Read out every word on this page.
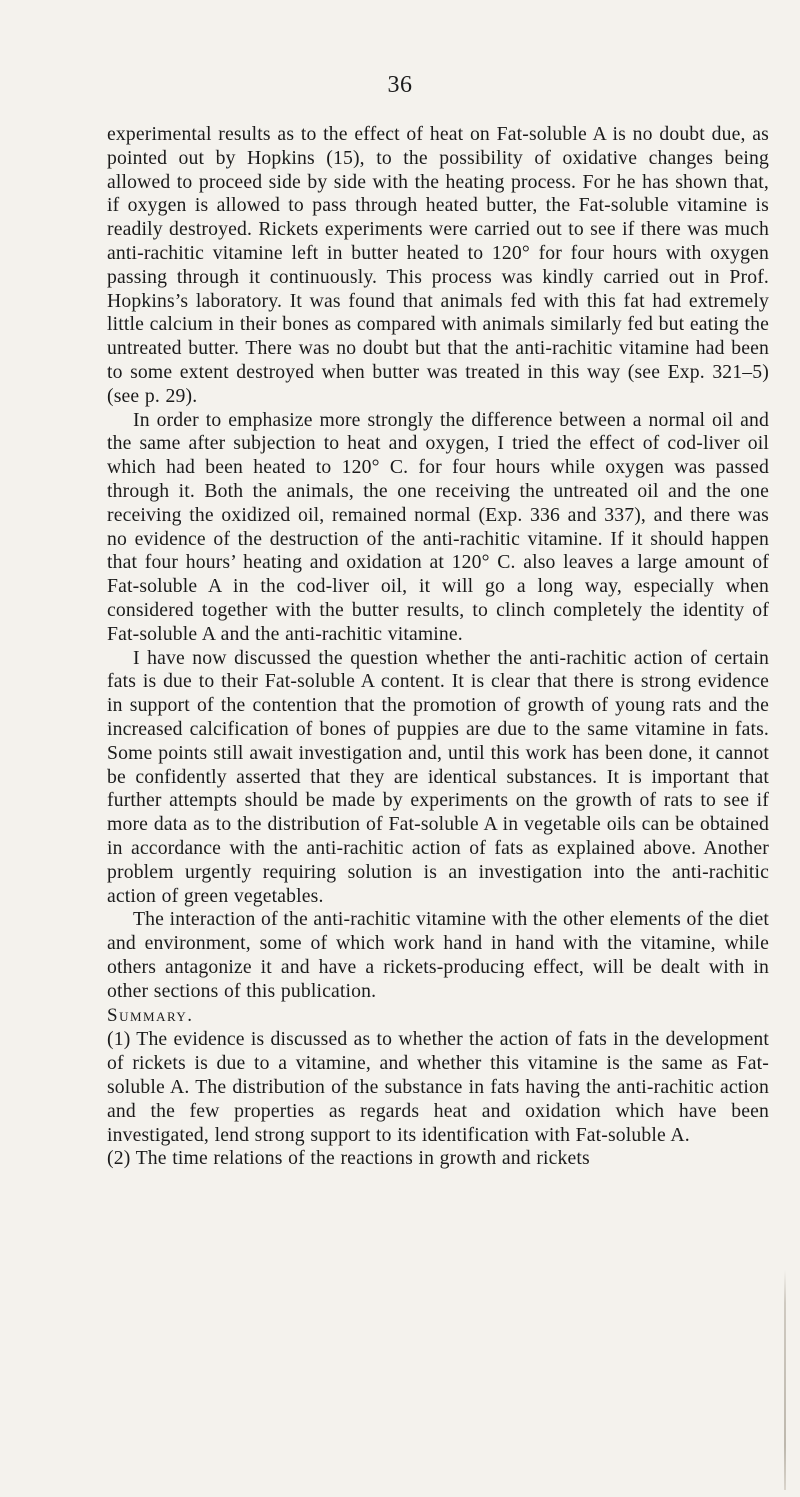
36

experimental results as to the effect of heat on Fat-soluble A is no doubt due, as pointed out by Hopkins (15), to the possibility of oxidative changes being allowed to proceed side by side with the heating process. For he has shown that, if oxygen is allowed to pass through heated butter, the Fat-soluble vitamine is readily destroyed. Rickets experiments were carried out to see if there was much anti-rachitic vitamine left in butter heated to 120° for four hours with oxygen passing through it continuously. This process was kindly carried out in Prof. Hopkins’s laboratory. It was found that animals fed with this fat had extremely little calcium in their bones as compared with animals similarly fed but eating the untreated butter. There was no doubt but that the anti-rachitic vitamine had been to some extent destroyed when butter was treated in this way (see Exp. 321–5) (see p. 29).

In order to emphasize more strongly the difference between a normal oil and the same after subjection to heat and oxygen, I tried the effect of cod-liver oil which had been heated to 120° C. for four hours while oxygen was passed through it. Both the animals, the one receiving the untreated oil and the one receiving the oxidized oil, remained normal (Exp. 336 and 337), and there was no evidence of the destruction of the anti-rachitic vitamine. If it should happen that four hours’ heating and oxidation at 120° C. also leaves a large amount of Fat-soluble A in the cod-liver oil, it will go a long way, especially when considered together with the butter results, to clinch completely the identity of Fat-soluble A and the anti-rachitic vitamine.

I have now discussed the question whether the anti-rachitic action of certain fats is due to their Fat-soluble A content. It is clear that there is strong evidence in support of the contention that the promotion of growth of young rats and the increased calcification of bones of puppies are due to the same vitamine in fats. Some points still await investigation and, until this work has been done, it cannot be confidently asserted that they are identical substances. It is important that further attempts should be made by experiments on the growth of rats to see if more data as to the distribution of Fat-soluble A in vegetable oils can be obtained in accordance with the anti-rachitic action of fats as explained above. Another problem urgently requiring solution is an investigation into the anti-rachitic action of green vegetables.

The interaction of the anti-rachitic vitamine with the other elements of the diet and environment, some of which work hand in hand with the vitamine, while others antagonize it and have a rickets-producing effect, will be dealt with in other sections of this publication.

Summary.

(1) The evidence is discussed as to whether the action of fats in the development of rickets is due to a vitamine, and whether this vitamine is the same as Fat-soluble A. The distribution of the substance in fats having the anti-rachitic action and the few properties as regards heat and oxidation which have been investigated, lend strong support to its identification with Fat-soluble A.

(2) The time relations of the reactions in growth and rickets
